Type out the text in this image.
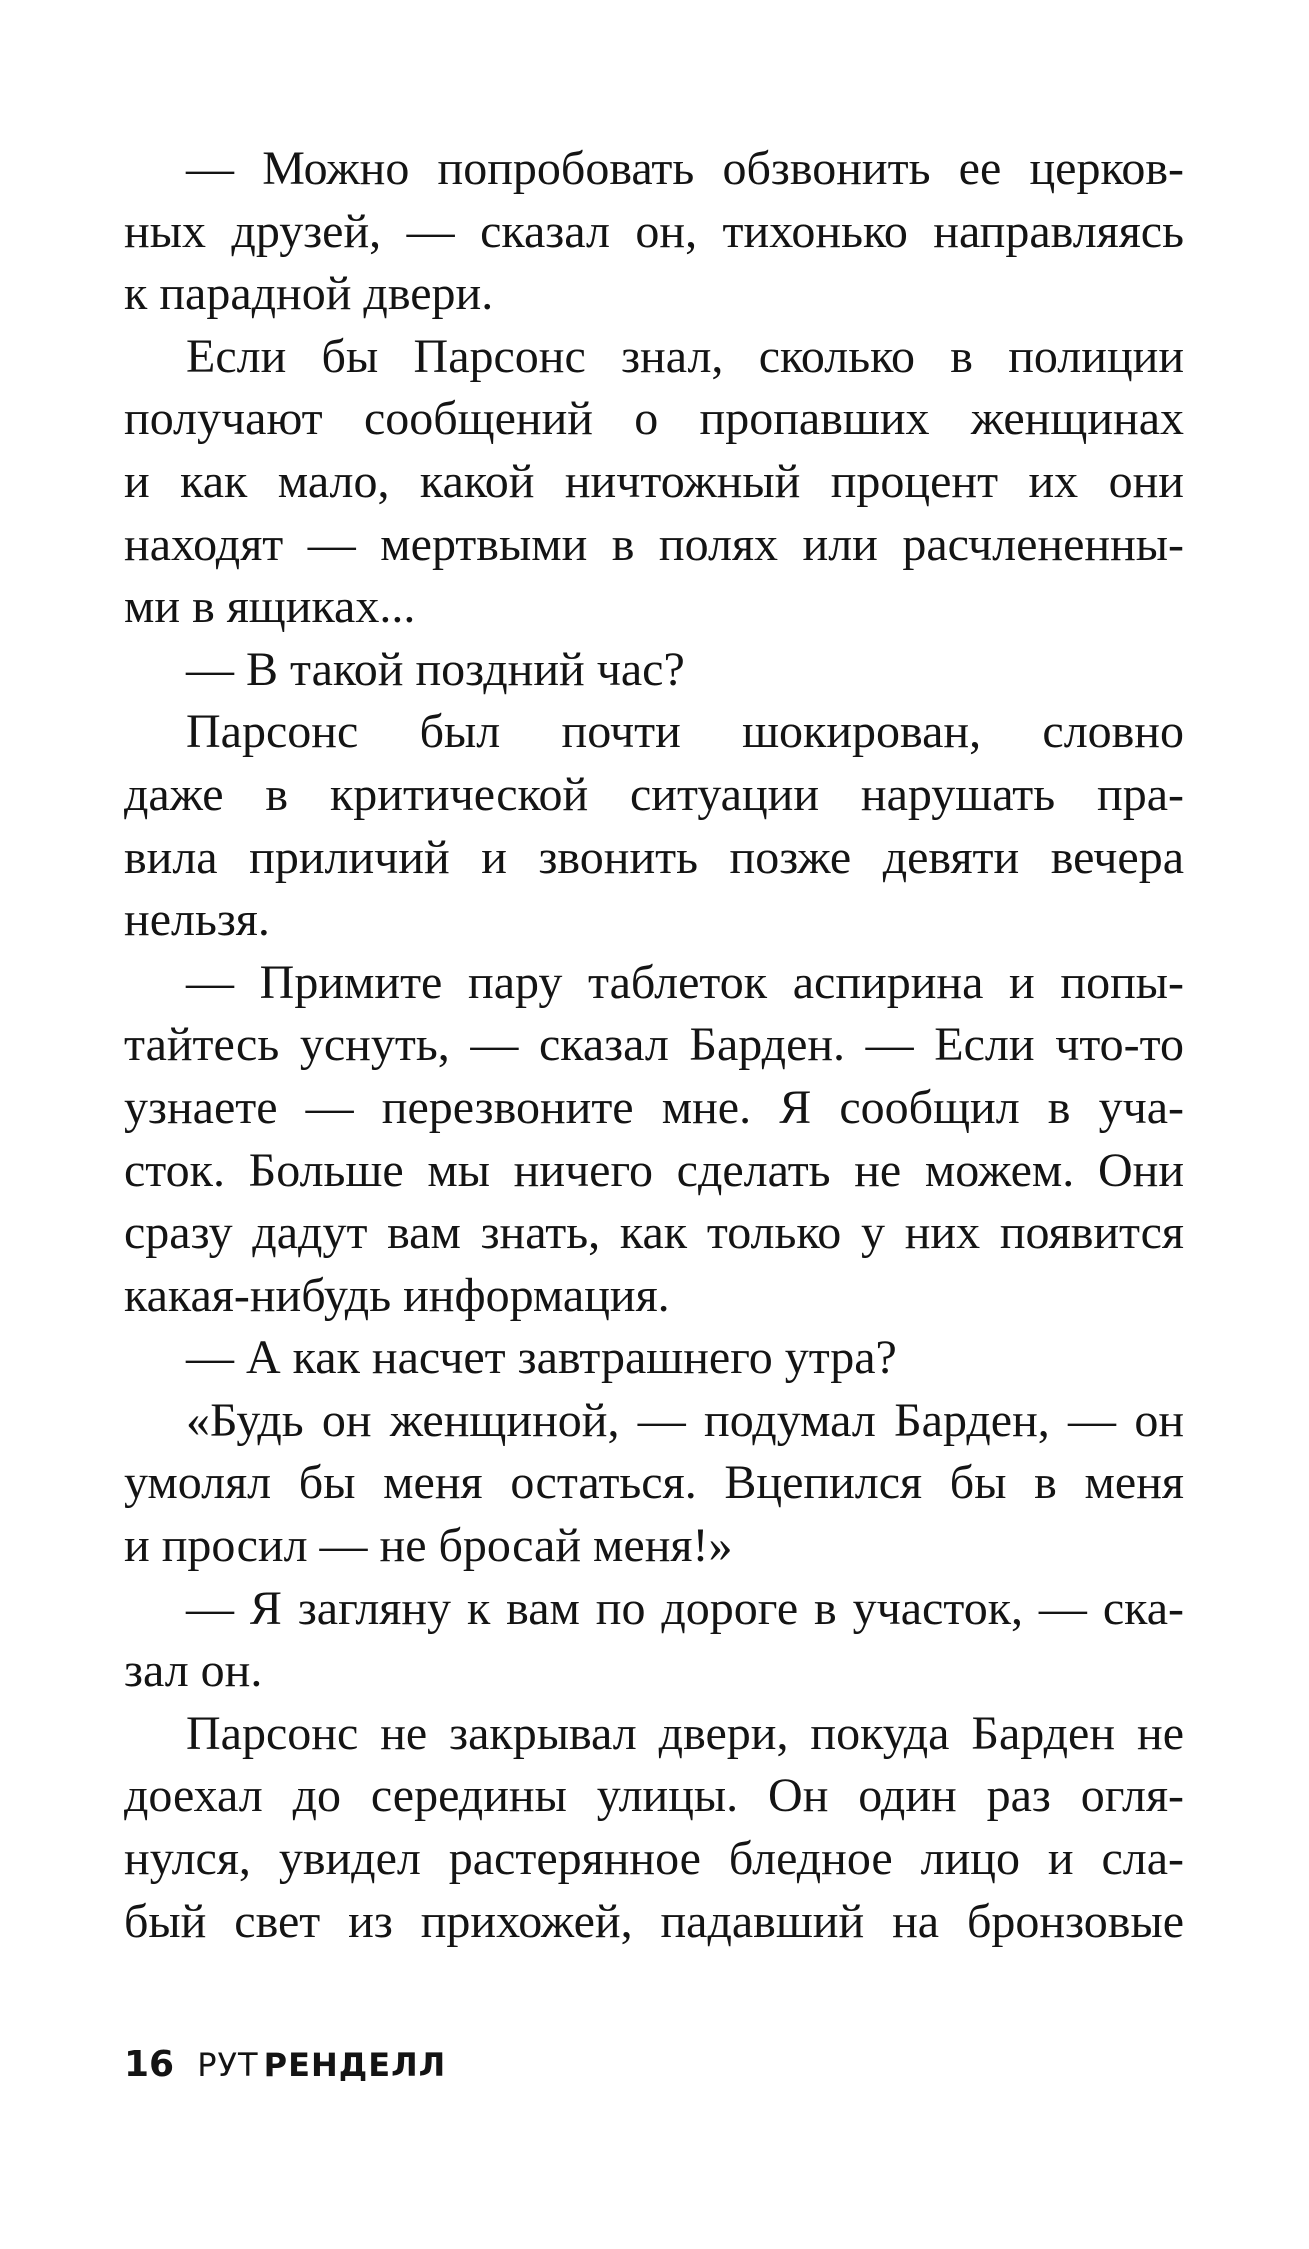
— Можно попробовать обзвонить ее церков-
ных друзей, — сказал он, тихонько направляясь
к парадной двери.
Если бы Парсонс знал, сколько в полиции
получают сообщений о пропавших женщинах
и как мало, какой ничтожный процент их они
находят — мертвыми в полях или расчлененны-
ми в ящиках...
— В такой поздний час?
Парсонс был почти шокирован, словно
даже в критической ситуации нарушать пра-
вила приличий и звонить позже девяти вечера
нельзя.
— Примите пару таблеток аспирина и попы-
тайтесь уснуть, — сказал Барден. — Если что-то
узнаете — перезвоните мне. Я сообщил в уча-
сток. Больше мы ничего сделать не можем. Они
сразу дадут вам знать, как только у них появится
какая-нибудь информация.
— А как насчет завтрашнего утра?
«Будь он женщиной, — подумал Барден, — он
умолял бы меня остаться. Вцепился бы в меня
и просил — не бросай меня!»
— Я загляну к вам по дороге в участок, — ска-
зал он.
Парсонс не закрывал двери, покуда Барден не
доехал до середины улицы. Он один раз огля-
нулся, увидел растерянное бледное лицо и сла-
бый свет из прихожей, падавший на бронзовые
16 РУТ РЕНДЕЛЛ
